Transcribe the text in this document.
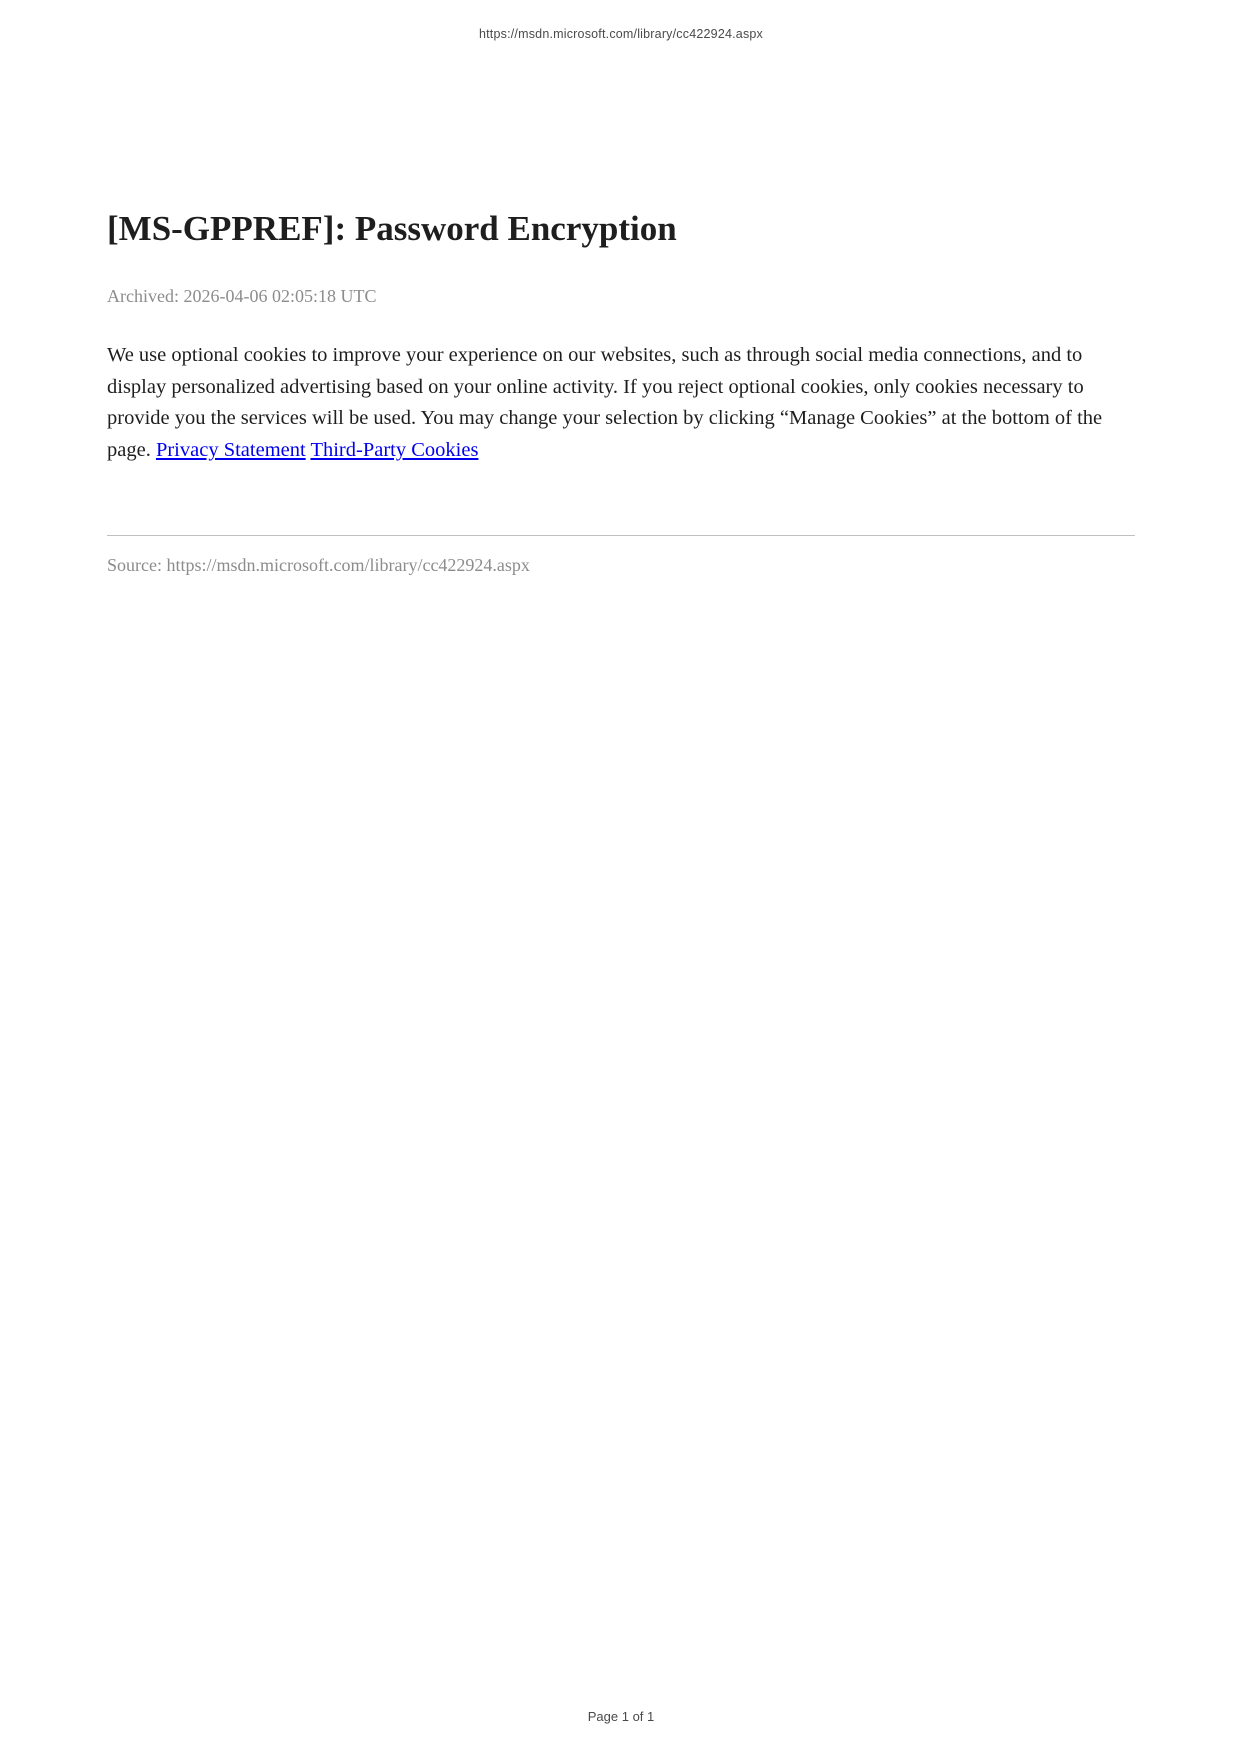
https://msdn.microsoft.com/library/cc422924.aspx
[MS-GPPREF]: Password Encryption

Archived: 2026-04-06 02:05:18 UTC

We use optional cookies to improve your experience on our websites, such as through social media connections, and to display personalized advertising based on your online activity. If you reject optional cookies, only cookies necessary to provide you the services will be used. You may change your selection by clicking “Manage Cookies” at the bottom of the page. Privacy Statement Third-Party Cookies

Source: https://msdn.microsoft.com/library/cc422924.aspx

Page 1 of 1
